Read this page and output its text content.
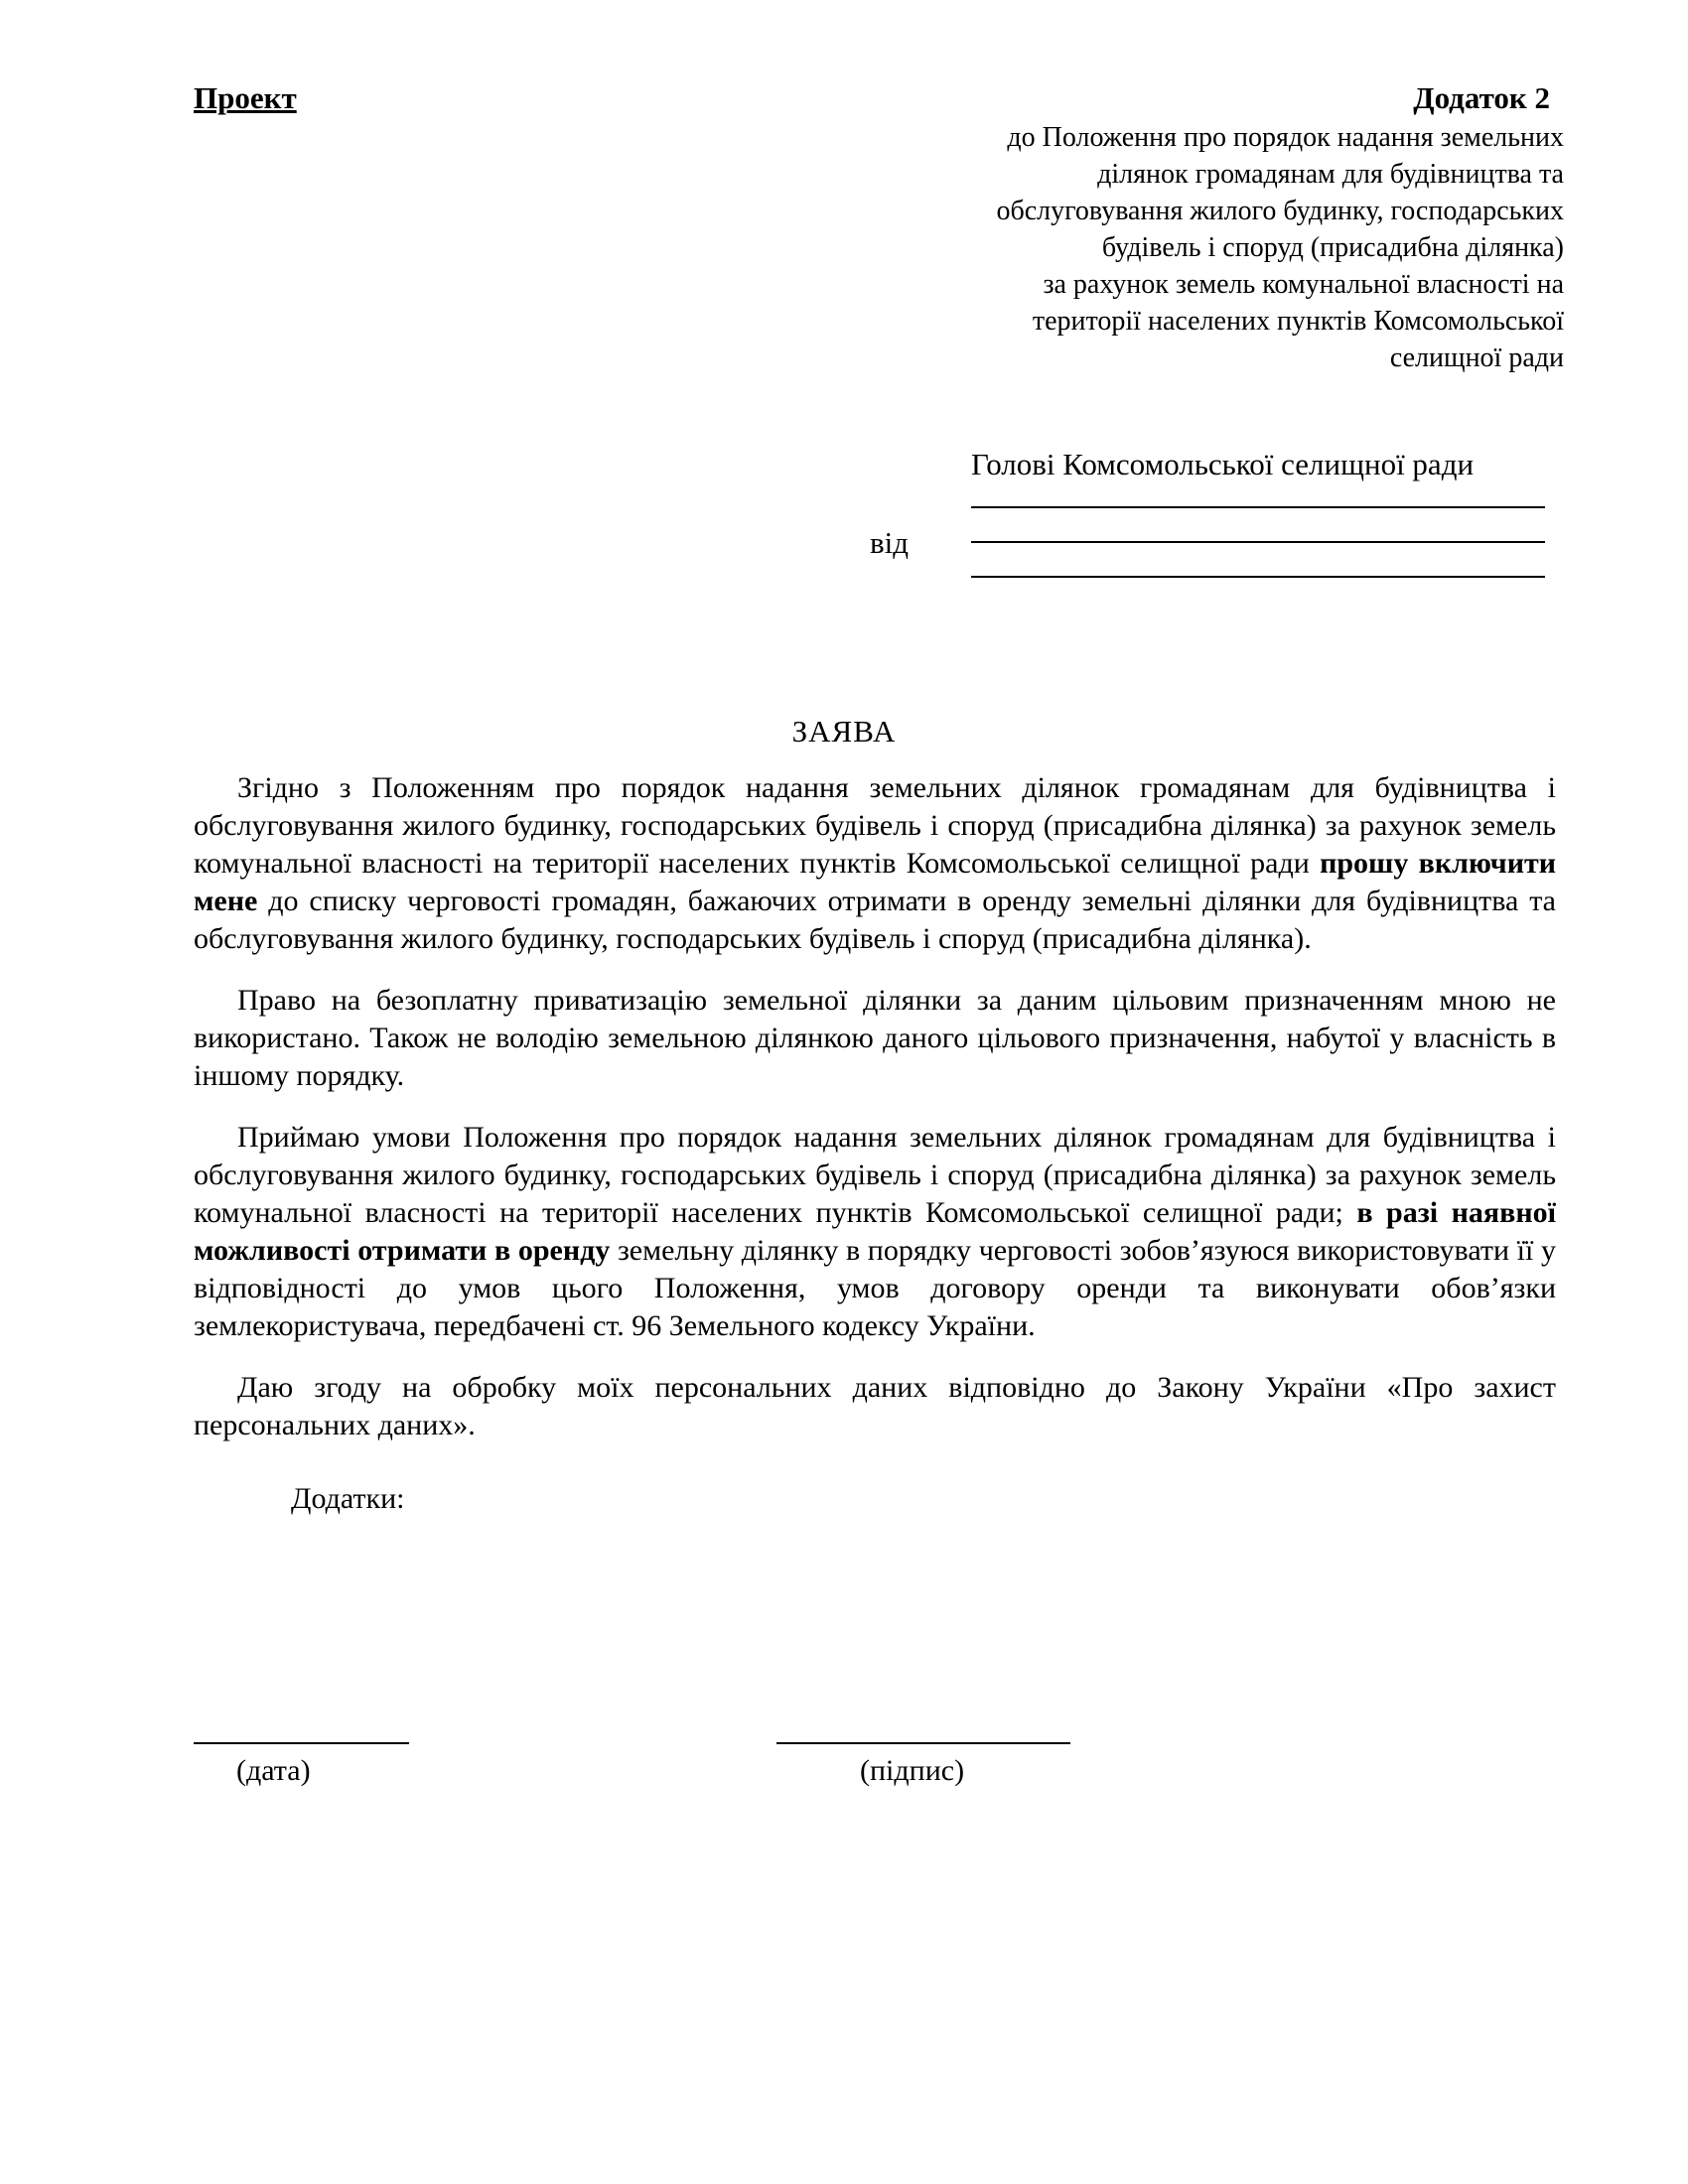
Проект	Додаток 2
до Положення про порядок надання земельних
ділянок громадянам для будівництва та
обслуговування жилого будинку, господарських
будівель і споруд (присадибна ділянка)
за рахунок земель комунальної власності на
території населених пунктів Комсомольської
селищної ради
Голові Комсомольської селищної ради
від
ЗАЯВА

Згідно з Положенням про порядок надання земельних ділянок громадянам для будівництва і обслуговування жилого будинку, господарських будівель і споруд (присадибна ділянка) за рахунок земель комунальної власності на території населених пунктів Комсомольської селищної ради прошу включити мене до списку черговості громадян, бажаючих отримати в оренду земельні ділянки для будівництва та обслуговування жилого будинку, господарських будівель і споруд (присадибна ділянка).

Право на безоплатну приватизацію земельної ділянки за даним цільовим призначенням мною не використано. Також не володію земельною ділянкою даного цільового призначення, набутої у власність в іншому порядку.

Приймаю умови Положення про порядок надання земельних ділянок громадянам для будівництва і обслуговування жилого будинку, господарських будівель і споруд (присадибна ділянка) за рахунок земель комунальної власності на території населених пунктів Комсомольської селищної ради; в разі наявної можливості отримати в оренду земельну ділянку в порядку черговості зобов’язуюся використовувати її у відповідності до умов цього Положення, умов договору оренди та виконувати обов’язки землекористувача, передбачені ст. 96 Земельного кодексу України.

Даю згоду на обробку моїх персональних даних відповідно до Закону України «Про захист персональних даних».

Додатки:

(дата)	(підпис)
